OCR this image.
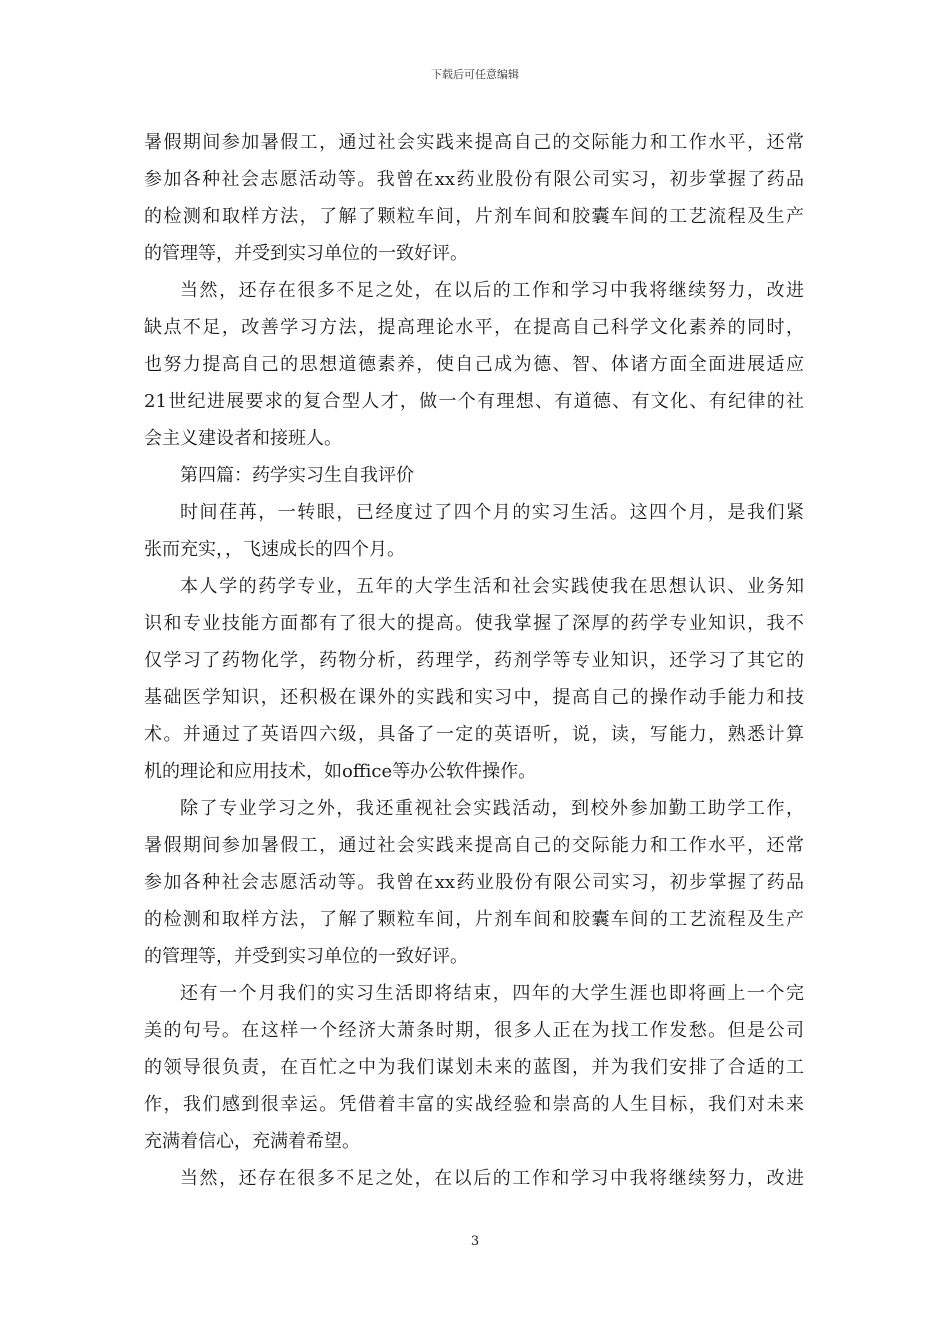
下载后可任意编辑
暑假期间参加暑假工，通过社会实践来提高自己的交际能力和工作水平，还常
参加各种社会志愿活动等。我曾在xx药业股份有限公司实习，初步掌握了药品
的检测和取样方法，了解了颗粒车间，片剂车间和胶囊车间的工艺流程及生产
的管理等，并受到实习单位的一致好评。
当然，还存在很多不足之处，在以后的工作和学习中我将继续努力，改进
缺点不足，改善学习方法，提高理论水平，在提高自己科学文化素养的同时，
也努力提高自己的思想道德素养，使自己成为德、智、体诸方面全面进展适应
21世纪进展要求的复合型人才，做一个有理想、有道德、有文化、有纪律的社
会主义建设者和接班人。
第四篇：药学实习生自我评价
时间荏苒，一转眼，已经度过了四个月的实习生活。这四个月，是我们紧
张而充实，，飞速成长的四个月。
本人学的药学专业，五年的大学生活和社会实践使我在思想认识、业务知
识和专业技能方面都有了很大的提高。使我掌握了深厚的药学专业知识，我不
仅学习了药物化学，药物分析，药理学，药剂学等专业知识，还学习了其它的
基础医学知识，还积极在课外的实践和实习中，提高自己的操作动手能力和技
术。并通过了英语四六级，具备了一定的英语听，说，读，写能力，熟悉计算
机的理论和应用技术，如office等办公软件操作。
除了专业学习之外，我还重视社会实践活动，到校外参加勤工助学工作，
暑假期间参加暑假工，通过社会实践来提高自己的交际能力和工作水平，还常
参加各种社会志愿活动等。我曾在xx药业股份有限公司实习，初步掌握了药品
的检测和取样方法，了解了颗粒车间，片剂车间和胶囊车间的工艺流程及生产
的管理等，并受到实习单位的一致好评。
还有一个月我们的实习生活即将结束，四年的大学生涯也即将画上一个完
美的句号。在这样一个经济大萧条时期，很多人正在为找工作发愁。但是公司
的领导很负责，在百忙之中为我们谋划未来的蓝图，并为我们安排了合适的工
作，我们感到很幸运。凭借着丰富的实战经验和崇高的人生目标，我们对未来
充满着信心，充满着希望。
当然，还存在很多不足之处，在以后的工作和学习中我将继续努力，改进
3
